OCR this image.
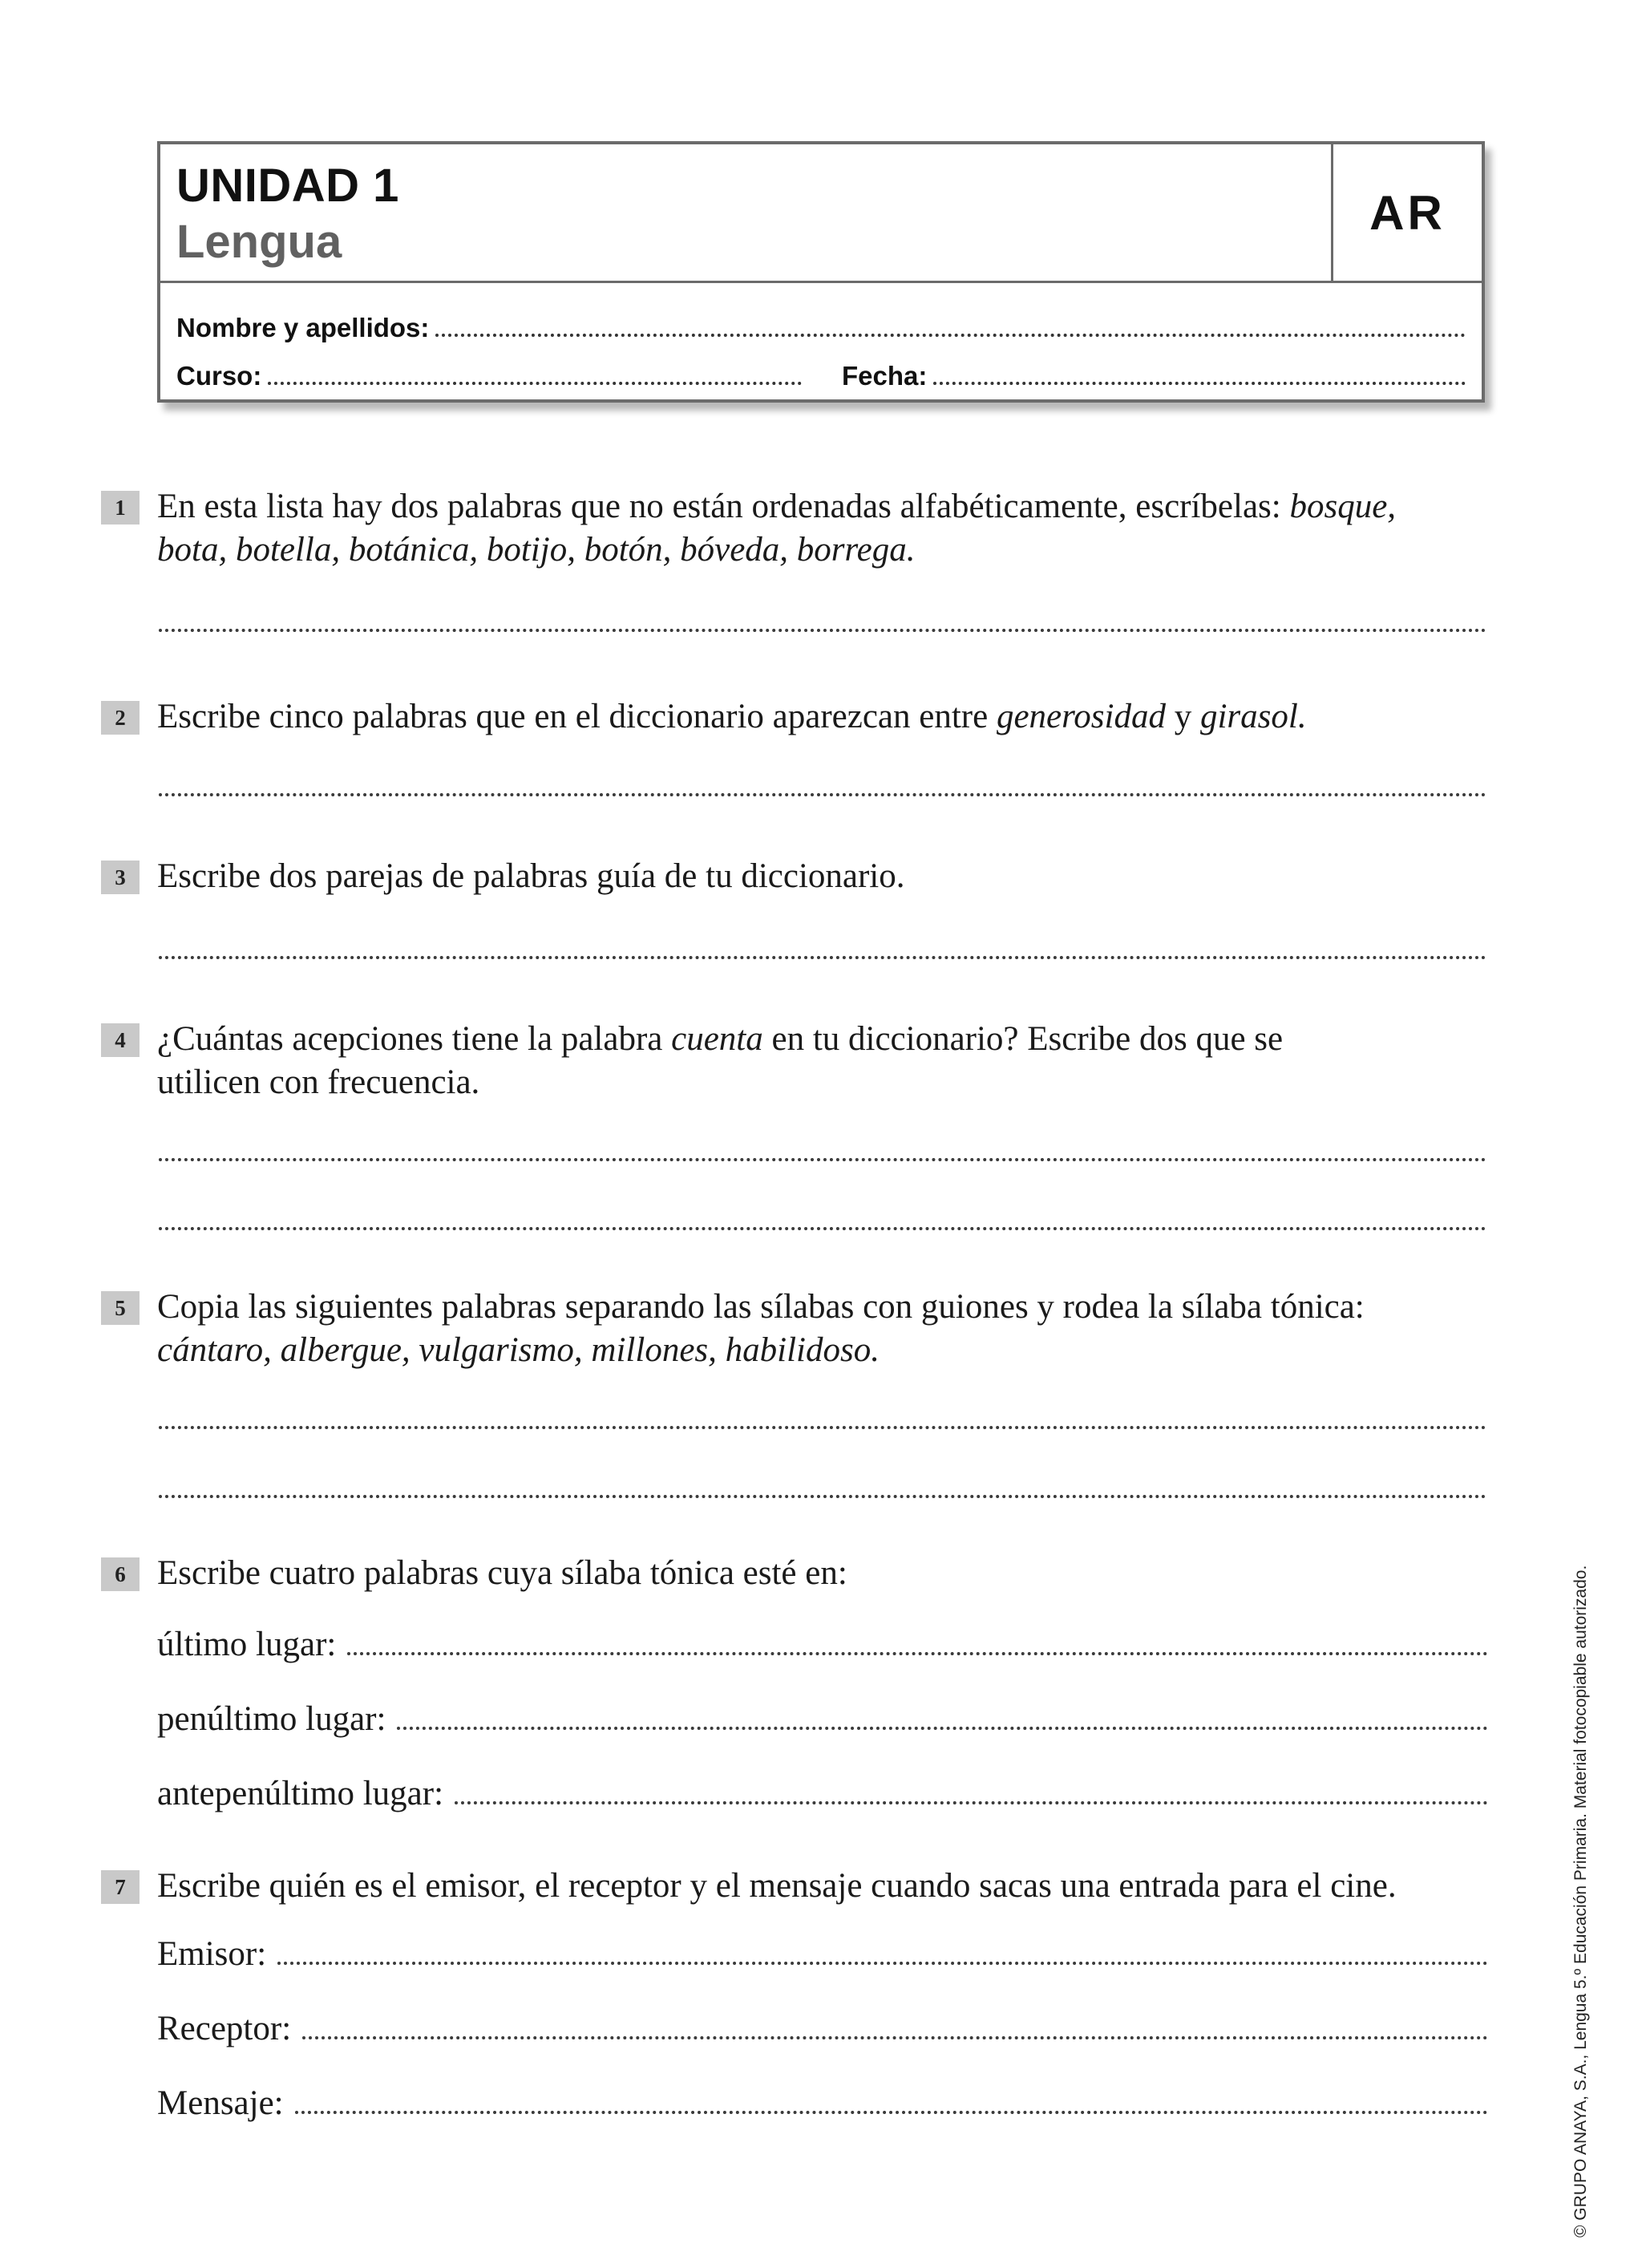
UNIDAD 1
Lengua
AR
Nombre y apellidos:
Curso:	Fecha:
1 En esta lista hay dos palabras que no están ordenadas alfabéticamente, escríbelas: bosque,
bota, botella, botánica, botijo, botón, bóveda, borrega.
2 Escribe cinco palabras que en el diccionario aparezcan entre generosidad y girasol.
3 Escribe dos parejas de palabras guía de tu diccionario.
4 ¿Cuántas acepciones tiene la palabra cuenta en tu diccionario? Escribe dos que se
utilicen con frecuencia.
5 Copia las siguientes palabras separando las sílabas con guiones y rodea la sílaba tónica:
cántaro, albergue, vulgarismo, millones, habilidoso.
6 Escribe cuatro palabras cuya sílaba tónica esté en:
último lugar:
penúltimo lugar:
antepenúltimo lugar:
7 Escribe quién es el emisor, el receptor y el mensaje cuando sacas una entrada para el cine.
Emisor:
Receptor:
Mensaje:	© GRUPO ANAYA, S.A., Lengua 5.º Educación Primaria. Material fotocopiable autorizado.
